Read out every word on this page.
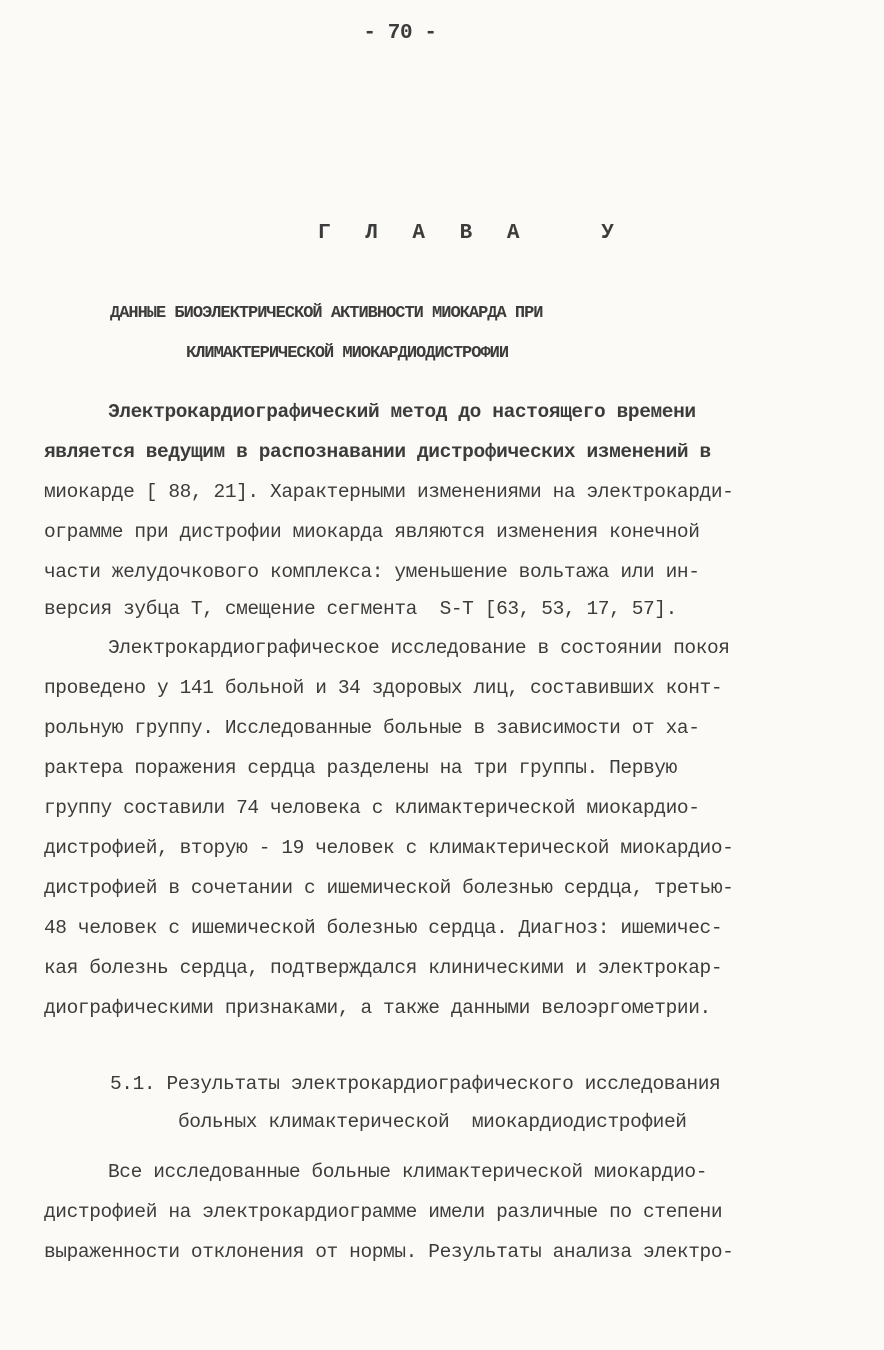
- 70 -
Г Л А В А   У
ДАННЫЕ БИОЭЛЕКТРИЧЕСКОЙ АКТИВНОСТИ МИОКАРДА ПРИ
КЛИМАКТЕРИЧЕСКОЙ МИОКАРДИОДИСТРОФИИ
Электрокардиографический метод до настоящего времени
является ведущим в распознавании дистрофических изменений в
миокарде [ 88, 21]. Характерными изменениями на электрокарди-
ограмме при дистрофии миокарда являются изменения конечной
части желудочкового комплекса: уменьшение вольтажа или ин-
версия зубца Т, смещение сегмента  S-T [63, 53, 17, 57].
Электрокардиографическое исследование в состоянии покоя
проведено у 141 больной и 34 здоровых лиц, составивших конт-
рольную группу. Исследованные больные в зависимости от ха-
рактера поражения сердца разделены на три группы. Первую
группу составили 74 человека с климактерической миокардио-
дистрофией, вторую - 19 человек с климактерической миокардио-
дистрофией в сочетании с ишемической болезнью сердца, третью-
48 человек с ишемической болезнью сердца. Диагноз: ишемичес-
кая болезнь сердца, подтверждался клиническими и электрокар-
диографическими признаками, а также данными велоэргометрии.
5.1. Результаты электрокардиографического исследования
больных климактерической  миокардиодистрофией
Все исследованные больные климактерической миокардио-
дистрофией на электрокардиограмме имели различные по степени
выраженности отклонения от нормы. Результаты анализа электро-
